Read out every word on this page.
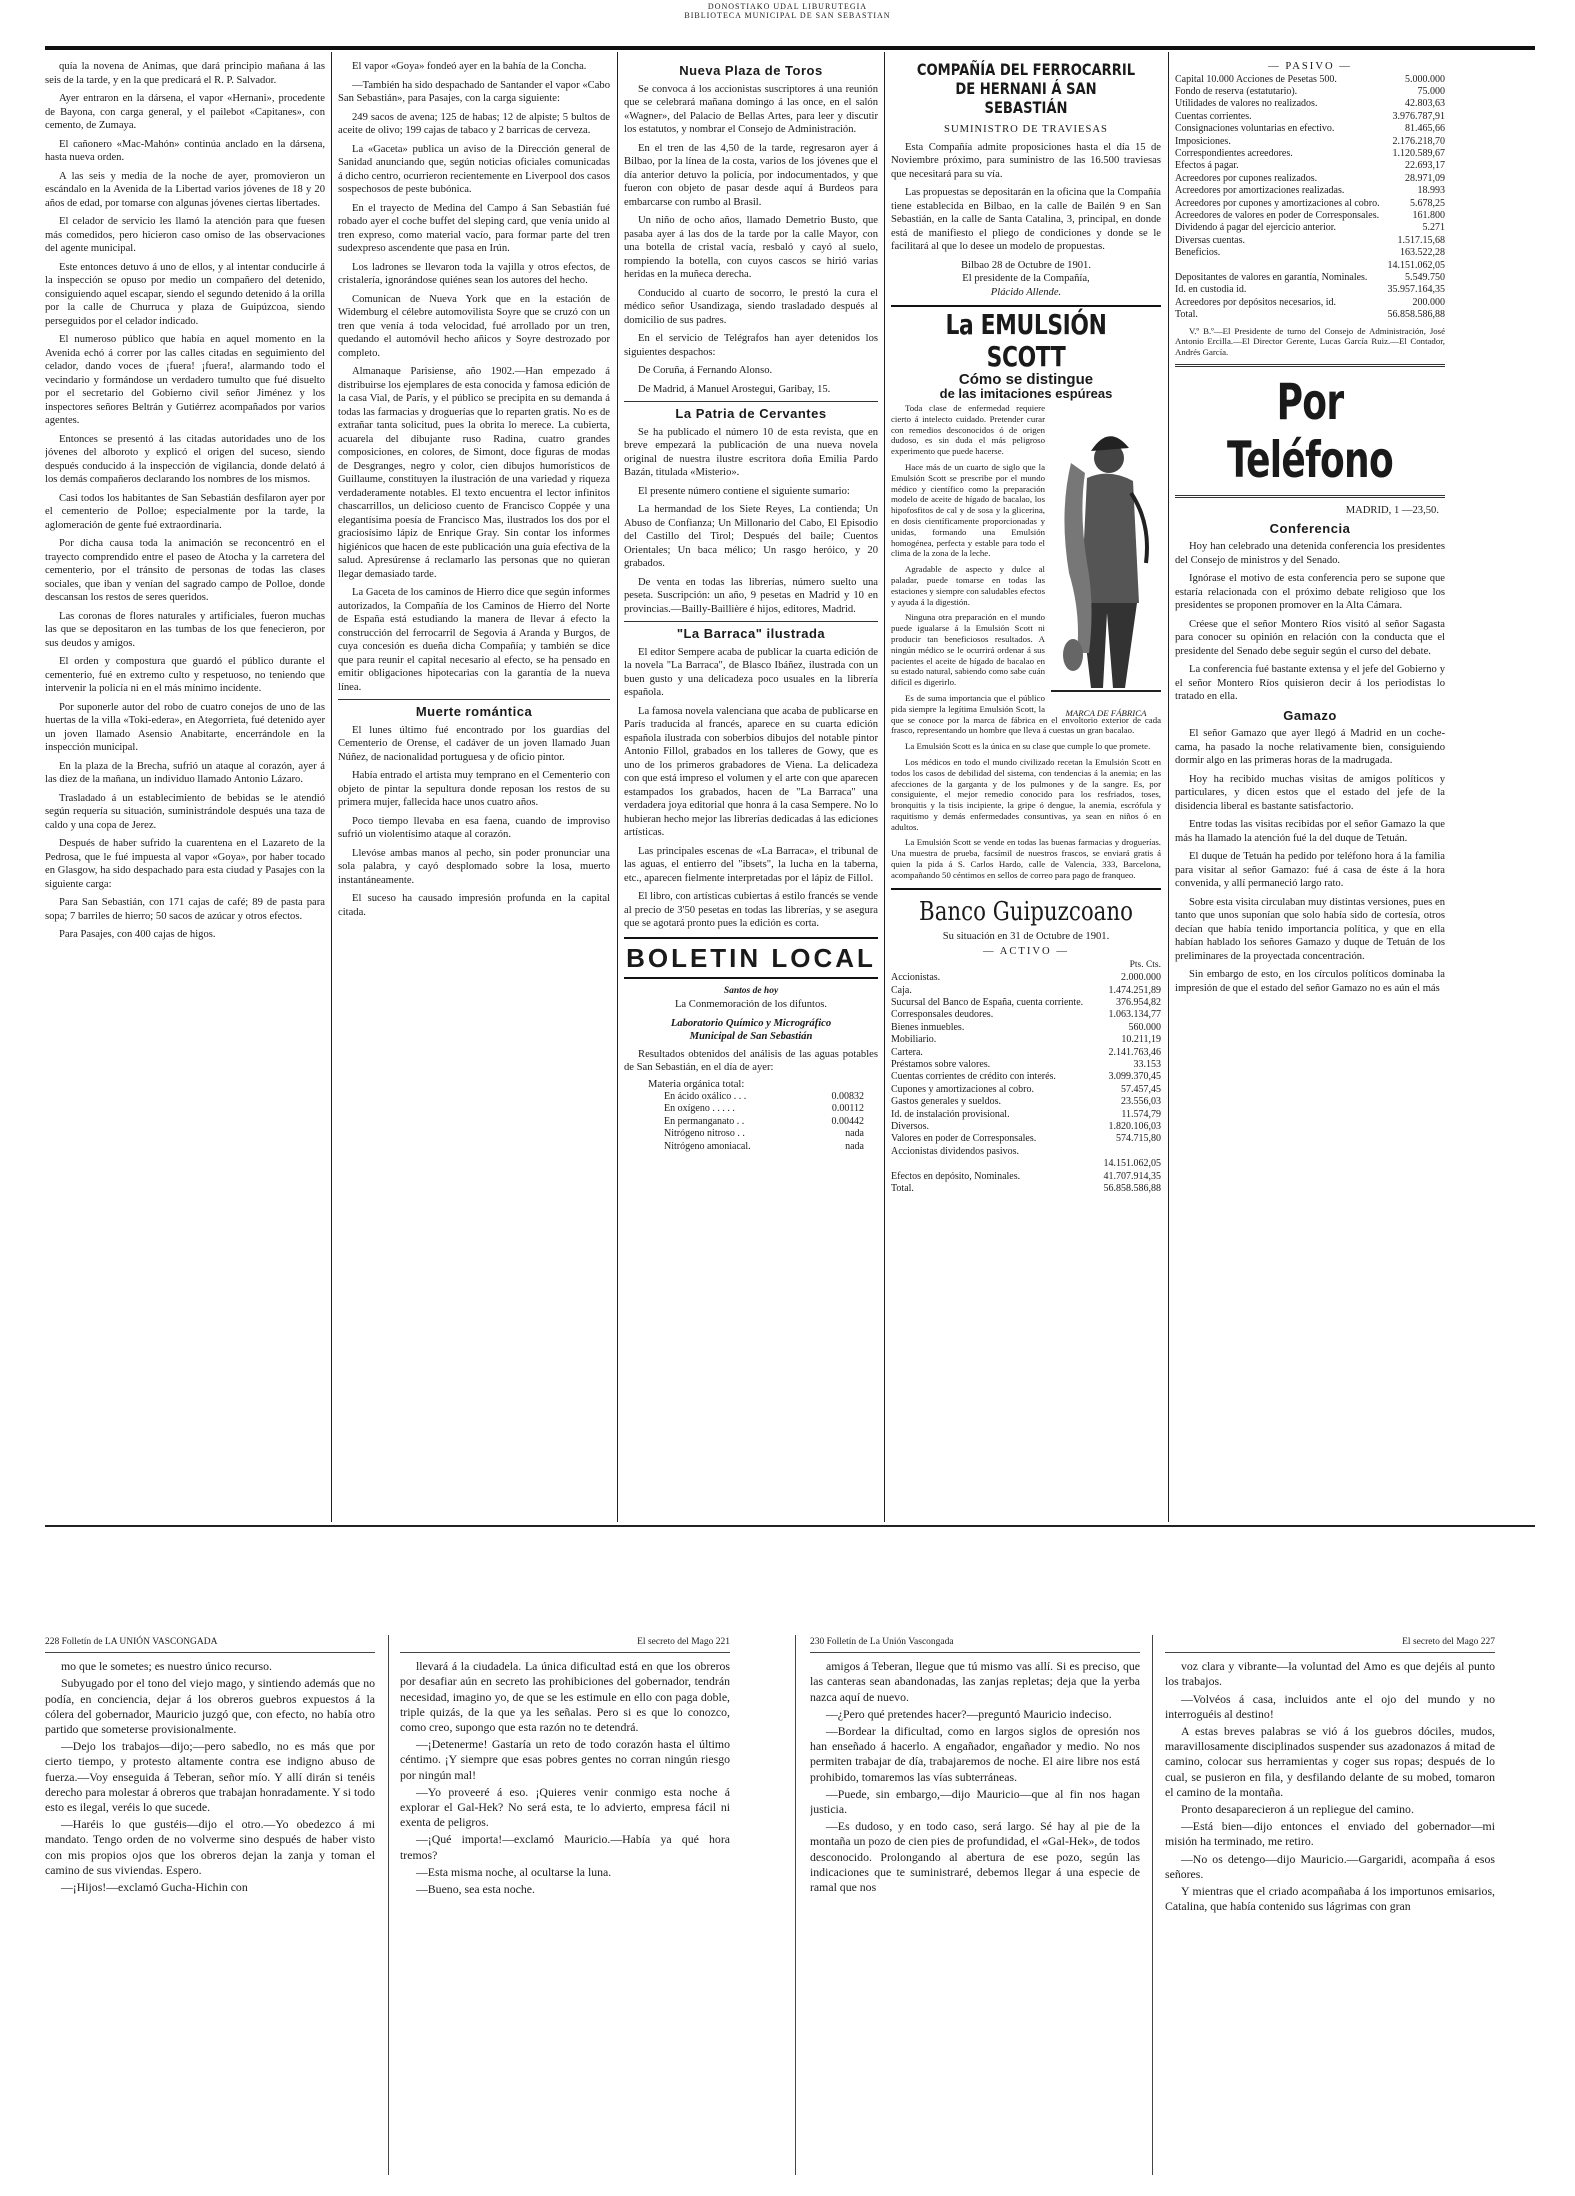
DONOSTIAKO UDAL LIBURUTEGIA
BIBLIOTECA MUNICIPAL DE SAN SEBASTIAN

quía la novena de Animas, que dará principio mañana á las seis de la tarde, y en la que predicará el R. P. Salvador.

Ayer entraron en la dársena, el vapor «Hernani», procedente de Bayona, con carga general, y el pailebot «Capitanes», con cemento, de Zumaya.

El cañonero «Mac-Mahón» continúa anclado en la dársena, hasta nueva orden.

A las seis y media de la noche de ayer, promovieron un escándalo en la Avenida de la Libertad varios jóvenes de 18 y 20 años de edad, por tomarse con algunas jóvenes ciertas libertades.

El celador de servicio les llamó la atención para que fuesen más comedidos, pero hicieron caso omiso de las observaciones del agente municipal.

Este entonces detuvo á uno de ellos, y al intentar conducirle á la inspección se opuso por medio un compañero del detenido, consiguiendo aquel escapar, siendo el segundo detenido á la orilla por la calle de Churruca y plaza de Guipúzcoa, siendo perseguidos por el celador indicado.

El numeroso público que había en aquel momento en la Avenida echó á correr por las calles citadas en seguimiento del celador, dando voces de ¡fuera! ¡fuera!, alarmando todo el vecindario y formándose un verdadero tumulto que fué disuelto por el secretario del Gobierno civil señor Jiménez y los inspectores señores Beltrán y Gutiérrez acompañados por varios agentes.

Entonces se presentó á las citadas autoridades uno de los jóvenes del alboroto y explicó el origen del suceso, siendo después conducido á la inspección de vigilancia, donde delató á los demás compañeros declarando los nombres de los mismos.

Casi todos los habitantes de San Sebastián desfilaron ayer por el cementerio de Polloe; especialmente por la tarde, la aglomeración de gente fué extraordinaria.

Por dicha causa toda la animación se reconcentró en el trayecto comprendido entre el paseo de Atocha y la carretera del cementerio, por el tránsito de personas de todas las clases sociales, que iban y venían del sagrado campo de Polloe, donde descansan los restos de seres queridos.

Las coronas de flores naturales y artificiales, fueron muchas las que se depositaron en las tumbas de los que fenecieron, por sus deudos y amigos.

El orden y compostura que guardó el público durante el cementerio, fué en extremo culto y respetuoso, no teniendo que intervenir la policía ni en el más mínimo incidente.

Por suponerle autor del robo de cuatro conejos de uno de las huertas de la villa «Toki-edera», en Ategorrieta, fué detenido ayer un joven llamado Asensio Anabitarte, encerrándole en la inspección municipal.

En la plaza de la Brecha, sufrió un ataque al corazón, ayer á las diez de la mañana, un individuo llamado Antonio Lázaro.

Trasladado á un establecimiento de bebidas se le atendió según requería su situación, suministrándole después una taza de caldo y una copa de Jerez.

Después de haber sufrido la cuarentena en el Lazareto de la Pedrosa, que le fué impuesta al vapor «Goya», por haber tocado en Glasgow, ha sido despachado para esta ciudad y Pasajes con la siguiente carga:

Para San Sebastián, con 171 cajas de café; 89 de pasta para sopa; 7 barriles de hierro; 50 sacos de azúcar y otros efectos.

Para Pasajes, con 400 cajas de higos.

El vapor «Goya» fondeó ayer en la bahía de la Concha.

—También ha sido despachado de Santander el vapor «Cabo San Sebastián», para Pasajes, con la carga siguiente:

249 sacos de avena; 125 de habas; 12 de alpiste; 5 bultos de aceite de olivo; 199 cajas de tabaco y 2 barricas de cerveza.

La «Gaceta» publica un aviso de la Dirección general de Sanidad anunciando que, según noticias oficiales comunicadas á dicho centro, ocurrieron recientemente en Liverpool dos casos sospechosos de peste bubónica.

En el trayecto de Medina del Campo á San Sebastián fué robado ayer el coche buffet del sleping card, que venía unido al tren expreso, como material vacío, para formar parte del tren sudexpreso ascendente que pasa en Irún.

Los ladrones se llevaron toda la vajilla y otros efectos, de cristalería, ignorándose quiénes sean los autores del hecho.

Comunican de Nueva York que en la estación de Widemburg el célebre automovilista Soyre que se cruzó con un tren que venía á toda velocidad, fué arrollado por un tren, quedando el automóvil hecho añicos y Soyre destrozado por completo.

Almanaque Parisiense, año 1902.—Han empezado á distribuirse los ejemplares de esta conocida y famosa edición de la casa Vial, de París, y el público se precipita en su demanda á todas las farmacias y droguerías que lo reparten gratis. No es de extrañar tanta solicitud, pues la obrita lo merece. La cubierta, acuarela del dibujante ruso Radina, cuatro grandes composiciones, en colores, de Simont, doce figuras de modas de Desgranges, negro y color, cien dibujos humorísticos de Guillaume, constituyen la ilustración de una variedad y riqueza verdaderamente notables. El texto encuentra el lector infinitos chascarrillos, un delicioso cuento de Francisco Coppée y una elegantísima poesía de Francisco Mas, ilustrados los dos por el graciosísimo lápiz de Enrique Gray. Sin contar los informes higiénicos que hacen de este publicación una guía efectiva de la salud. Apresúrense á reclamarlo las personas que no quieran llegar demasiado tarde.

La Gaceta de los caminos de Hierro dice que según informes autorizados, la Compañía de los Caminos de Hierro del Norte de España está estudiando la manera de llevar á efecto la construcción del ferrocarril de Segovia á Aranda y Burgos, de cuya concesión es dueña dicha Compañía; y también se dice que para reunir el capital necesario al efecto, se ha pensado en emitir obligaciones hipotecarias con la garantía de la nueva línea.

Muerte romántica

El lunes último fué encontrado por los guardias del Cementerio de Orense, el cadáver de un joven llamado Juan Núñez, de nacionalidad portuguesa y de oficio pintor.

Había entrado el artista muy temprano en el Cementerio con objeto de pintar la sepultura donde reposan los restos de su primera mujer, fallecida hace unos cuatro años.

Poco tiempo llevaba en esa faena, cuando de improviso sufrió un violentísimo ataque al corazón.

Llevóse ambas manos al pecho, sin poder pronunciar una sola palabra, y cayó desplomado sobre la losa, muerto instantáneamente.

El suceso ha causado impresión profunda en la capital citada.

Nueva Plaza de Toros

Se convoca á los accionistas suscriptores á una reunión que se celebrará mañana domingo á las once, en el salón «Wagner», del Palacio de Bellas Artes, para leer y discutir los estatutos, y nombrar el Consejo de Administración.

En el tren de las 4,50 de la tarde, regresaron ayer á Bilbao, por la línea de la costa, varios de los jóvenes que el día anterior detuvo la policía, por indocumentados, y que fueron con objeto de pasar desde aquí á Burdeos para embarcarse con rumbo al Brasil.

Un niño de ocho años, llamado Demetrio Busto, que pasaba ayer á las dos de la tarde por la calle Mayor, con una botella de cristal vacía, resbaló y cayó al suelo, rompiendo la botella, con cuyos cascos se hirió varias heridas en la muñeca derecha.

Conducido al cuarto de socorro, le prestó la cura el médico señor Usandizaga, siendo trasladado después al domicilio de sus padres.

En el servicio de Telégrafos han ayer detenidos los siguientes despachos:

De Coruña, á Fernando Alonso.

De Madrid, á Manuel Arostegui, Garibay, 15.

La Patria de Cervantes

Se ha publicado el número 10 de esta revista, que en breve empezará la publicación de una nueva novela original de nuestra ilustre escritora doña Emilia Pardo Bazán, titulada «Misterio».

El presente número contiene el siguiente sumario:

La hermandad de los Siete Reyes, La contienda; Un Abuso de Confianza; Un Millonario del Cabo, El Episodio del Castillo del Tirol; Después del baile; Cuentos Orientales; Un baca mélico; Un rasgo heróico, y 20 grabados.

De venta en todas las librerías, número suelto una peseta. Suscripción: un año, 9 pesetas en Madrid y 10 en provincias.—Bailly-Baillière é hijos, editores, Madrid.

"La Barraca" ilustrada

El editor Sempere acaba de publicar la cuarta edición de la novela "La Barraca", de Blasco Ibáñez, ilustrada con un buen gusto y una delicadeza poco usuales en la librería española.

La famosa novela valenciana que acaba de publicarse en París traducida al francés, aparece en su cuarta edición española ilustrada con soberbios dibujos del notable pintor Antonio Fillol, grabados en los talleres de Gowy, que es uno de los primeros grabadores de Viena. La delicadeza con que está impreso el volumen y el arte con que aparecen estampados los grabados, hacen de "La Barraca" una verdadera joya editorial que honra á la casa Sempere. No lo hubieran hecho mejor las librerías dedicadas á las ediciones artísticas.

Las principales escenas de «La Barraca», el tribunal de las aguas, el entierro del "ibsets", la lucha en la taberna, etc., aparecen fielmente interpretadas por el lápiz de Fillol.

El libro, con artísticas cubiertas á estilo francés se vende al precio de 3'50 pesetas en todas las librerías, y se asegura que se agotará pronto pues la edición es corta.

BOLETIN LOCAL
Santos de hoy
La Conmemoración de los difuntos.
Laboratorio Químico y Micrográfico
Municipal de San Sebastián

Resultados obtenidos del análisis de las aguas potables de San Sebastián, en el día de ayer:

Materia orgánica total:
En ácido oxálico . . .	0.00832
En oxígeno . . . . .	0.00112
En permanganato . .	0.00442
Nitrógeno nitroso . .	nada
Nitrógeno amoniacal.	nada
COMPAÑÍA DEL FERROCARRIL
DE HERNANI Á SAN SEBASTIÁN
SUMINISTRO DE TRAVIESAS

Esta Compañía admite proposiciones hasta el día 15 de Noviembre próximo, para suministro de las 16.500 traviesas que necesitará para su vía.

Las propuestas se depositarán en la oficina que la Compañía tiene establecida en Bilbao, en la calle de Bailén 9 en San Sebastián, en la calle de Santa Catalina, 3, principal, en donde está de manifiesto el pliego de condiciones y donde se le facilitará al que lo desee un modelo de propuestas.

Bilbao 28 de Octubre de 1901.
El presidente de la Compañía,
Plácido Allende.
La EMULSIÓN SCOTT
Cómo se distingue
de las imitaciones espúreas
MARCA DE FÁBRICA

Toda clase de enfermedad requiere cierto á intelecto cuidado. Pretender curar con remedios desconocidos ó de origen dudoso, es sin duda el más peligroso experimento que puede hacerse.

Hace más de un cuarto de siglo que la Emulsión Scott se prescribe por el mundo médico y científico como la preparación modelo de aceite de hígado de bacalao, los hipofosfitos de cal y de sosa y la glicerina, en dosis científicamente proporcionadas y unidas, formando una Emulsión homogénea, perfecta y estable para todo el clima de la zona de la leche.

Agradable de aspecto y dulce al paladar, puede tomarse en todas las estaciones y siempre con saludables efectos y ayuda á la digestión.

Ninguna otra preparación en el mundo puede igualarse á la Emulsión Scott ni producir tan beneficiosos resultados. A ningún médico se le ocurrirá ordenar á sus pacientes el aceite de hígado de bacalao en su estado natural, sabiendo como sabe cuán difícil es digerirlo.

Es de suma importancia que el público pida siempre la legítima Emulsión Scott, la que se conoce por la marca de fábrica en el envoltorio exterior de cada frasco, representando un hombre que lleva á cuestas un gran bacalao.

La Emulsión Scott es la única en su clase que cumple lo que promete.

Los médicos en todo el mundo civilizado recetan la Emulsión Scott en todos los casos de debilidad del sistema, con tendencias á la anemia; en las afecciones de la garganta y de los pulmones y de la sangre. Es, por consiguiente, el mejor remedio conocido para los resfriados, toses, bronquitis y la tisis incipiente, la gripe ó dengue, la anemia, escrófula y raquitismo y demás enfermedades consuntivas, ya sean en niños ó en adultos.

La Emulsión Scott se vende en todas las buenas farmacias y droguerías. Una muestra de prueba, facsímil de nuestros frascos, se enviará gratis á quien la pida á S. Carlos Hardo, calle de Valencia, 333, Barcelona, acompañando 50 céntimos en sellos de correo para pago de franqueo.

Banco Guipuzcoano
Su situación en 31 de Octubre de 1901.
— ACTIVO —
Pts. Cts.
Accionistas.	2.000.000
Caja.	1.474.251,89
Sucursal del Banco de España, cuenta corriente.	376.954,82
Corresponsales deudores.	1.063.134,77
Bienes inmuebles.	560.000
Mobiliario.	10.211,19
Cartera.	2.141.763,46
Préstamos sobre valores.	33.153
Cuentas corrientes de crédito con interés.	3.099.370,45
Cupones y amortizaciones al cobro.	57.457,45
Gastos generales y sueldos.	23.556,03
Id. de instalación provisional.	11.574,79
Diversos.	1.820.106,03
Valores en poder de Corresponsales.	574.715,80
Accionistas dividendos pasivos.	
	14.151.062,05
Efectos en depósito, Nominales.	41.707.914,35
Total.	56.858.586,88
— PASIVO —
Capital 10.000 Acciones de Pesetas 500.	5.000.000
Fondo de reserva (estatutario).	75.000
Utilidades de valores no realizados.	42.803,63
Cuentas corrientes.	3.976.787,91
Consignaciones voluntarias en efectivo.	81.465,66
Imposiciones.	2.176.218,70
Correspondientes acreedores.	1.120.589,67
Efectos á pagar.	22.693,17
Acreedores por cupones realizados.	28.971,09
Acreedores por amortizaciones realizadas.	18.993
Acreedores por cupones y amortizaciones al cobro.	5.678,25
Acreedores de valores en poder de Corresponsales.	161.800
Dividendo á pagar del ejercicio anterior.	5.271
Diversas cuentas.	1.517.15,68
Beneficios.	163.522,28
	14.151.062,05
Depositantes de valores en garantía, Nominales.	5.549.750
Id. en custodia id.	35.957.164,35
Acreedores por depósitos necesarios, id.	200.000
Total.	56.858.586,88

V.º B.º—El Presidente de turno del Consejo de Administración, José Antonio Ercilla.—El Director Gerente, Lucas García Ruiz.—El Contador, Andrés García.

Por Teléfono
MADRID, 1 —23,50.
Conferencia

Hoy han celebrado una detenida conferencia los presidentes del Consejo de ministros y del Senado.

Ignórase el motivo de esta conferencia pero se supone que estaría relacionada con el próximo debate religioso que los presidentes se proponen promover en la Alta Cámara.

Créese que el señor Montero Ríos visitó al señor Sagasta para conocer su opinión en relación con la conducta que el presidente del Senado debe seguir según el curso del debate.

La conferencia fué bastante extensa y el jefe del Gobierno y el señor Montero Ríos quisieron decir á los periodistas lo tratado en ella.

Gamazo

El señor Gamazo que ayer llegó á Madrid en un coche-cama, ha pasado la noche relativamente bien, consiguiendo dormir algo en las primeras horas de la madrugada.

Hoy ha recibido muchas visitas de amigos políticos y particulares, y dicen estos que el estado del jefe de la disidencia liberal es bastante satisfactorio.

Entre todas las visitas recibidas por el señor Gamazo la que más ha llamado la atención fué la del duque de Tetuán.

El duque de Tetuán ha pedido por teléfono hora á la familia para visitar al señor Gamazo: fué á casa de éste á la hora convenida, y allí permaneció largo rato.

Sobre esta visita circulaban muy distintas versiones, pues en tanto que unos suponían que solo había sido de cortesía, otros decían que había tenido importancia política, y que en ella habían hablado los señores Gamazo y duque de Tetuán de los preliminares de la proyectada concentración.

Sin embargo de esto, en los círculos políticos dominaba la impresión de que el estado del señor Gamazo no es aún el más

228 Folletín de LA UNIÓN VASCONGADA

mo que le sometes; es nuestro único recurso.

Subyugado por el tono del viejo mago, y sintiendo además que no podía, en conciencia, dejar á los obreros guebros expuestos á la cólera del gobernador, Mauricio juzgó que, con efecto, no había otro partido que someterse provisionalmente.

—Dejo los trabajos—dijo;—pero sabedlo, no es más que por cierto tiempo, y protesto altamente contra ese indigno abuso de fuerza.—Voy enseguida á Teberan, señor mío. Y allí dirán si tenéis derecho para molestar á obreros que trabajan honradamente. Y si todo esto es ilegal, veréis lo que sucede.

—Haréis lo que gustéis—dijo el otro.—Yo obedezco á mi mandato. Tengo orden de no volverme sino después de haber visto con mis propios ojos que los obreros dejan la zanja y toman el camino de sus viviendas. Espero.

—¡Hijos!—exclamó Gucha-Hichin con

El secreto del Mago 221

llevará á la ciudadela. La única dificultad está en que los obreros por desafiar aún en secreto las prohibiciones del gobernador, tendrán necesidad, imagino yo, de que se les estimule en ello con paga doble, triple quizás, de la que ya les señalas. Pero si es que lo conozco, como creo, supongo que esta razón no te detendrá.

—¡Detenerme! Gastaría un reto de todo corazón hasta el último céntimo. ¡Y siempre que esas pobres gentes no corran ningún riesgo por ningún mal!

—Yo proveeré á eso. ¡Quieres venir conmigo esta noche á explorar el Gal-Hek? No será esta, te lo advierto, empresa fácil ni exenta de peligros.

—¡Qué importa!—exclamó Mauricio.—Había ya qué hora tremos?

—Esta misma noche, al ocultarse la luna.

—Bueno, sea esta noche.

230 Folletín de La Unión Vascongada

amigos á Teberan, llegue que tú mismo vas allí. Si es preciso, que las canteras sean abandonadas, las zanjas repletas; deja que la yerba nazca aquí de nuevo.

—¿Pero qué pretendes hacer?—preguntó Mauricio indeciso.

—Bordear la dificultad, como en largos siglos de opresión nos han enseñado á hacerlo. A engañador, engañador y medio. No nos permiten trabajar de día, trabajaremos de noche. El aire libre nos está prohibido, tomaremos las vías subterráneas.

—Puede, sin embargo,—dijo Mauricio—que al fin nos hagan justicia.

—Es dudoso, y en todo caso, será largo. Sé hay al pie de la montaña un pozo de cien pies de profundidad, el «Gal-Hek», de todos desconocido. Prolongando al abertura de ese pozo, según las indicaciones que te suministraré, debemos llegar á una especie de ramal que nos

El secreto del Mago 227

voz clara y vibrante—la voluntad del Amo es que dejéis al punto los trabajos.

—Volvéos á casa, incluidos ante el ojo del mundo y no interroguéis al destino!

A estas breves palabras se vió á los guebros dóciles, mudos, maravillosamente disciplinados suspender sus azadonazos á mitad de camino, colocar sus herramientas y coger sus ropas; después de lo cual, se pusieron en fila, y desfilando delante de su mobed, tomaron el camino de la montaña.

Pronto desaparecieron á un repliegue del camino.

—Está bien—dijo entonces el enviado del gobernador—mi misión ha terminado, me retiro.

—No os detengo—dijo Mauricio.—Gargaridi, acompaña á esos señores.

Y mientras que el criado acompañaba á los importunos emisarios, Catalina, que había contenido sus lágrimas con gran
